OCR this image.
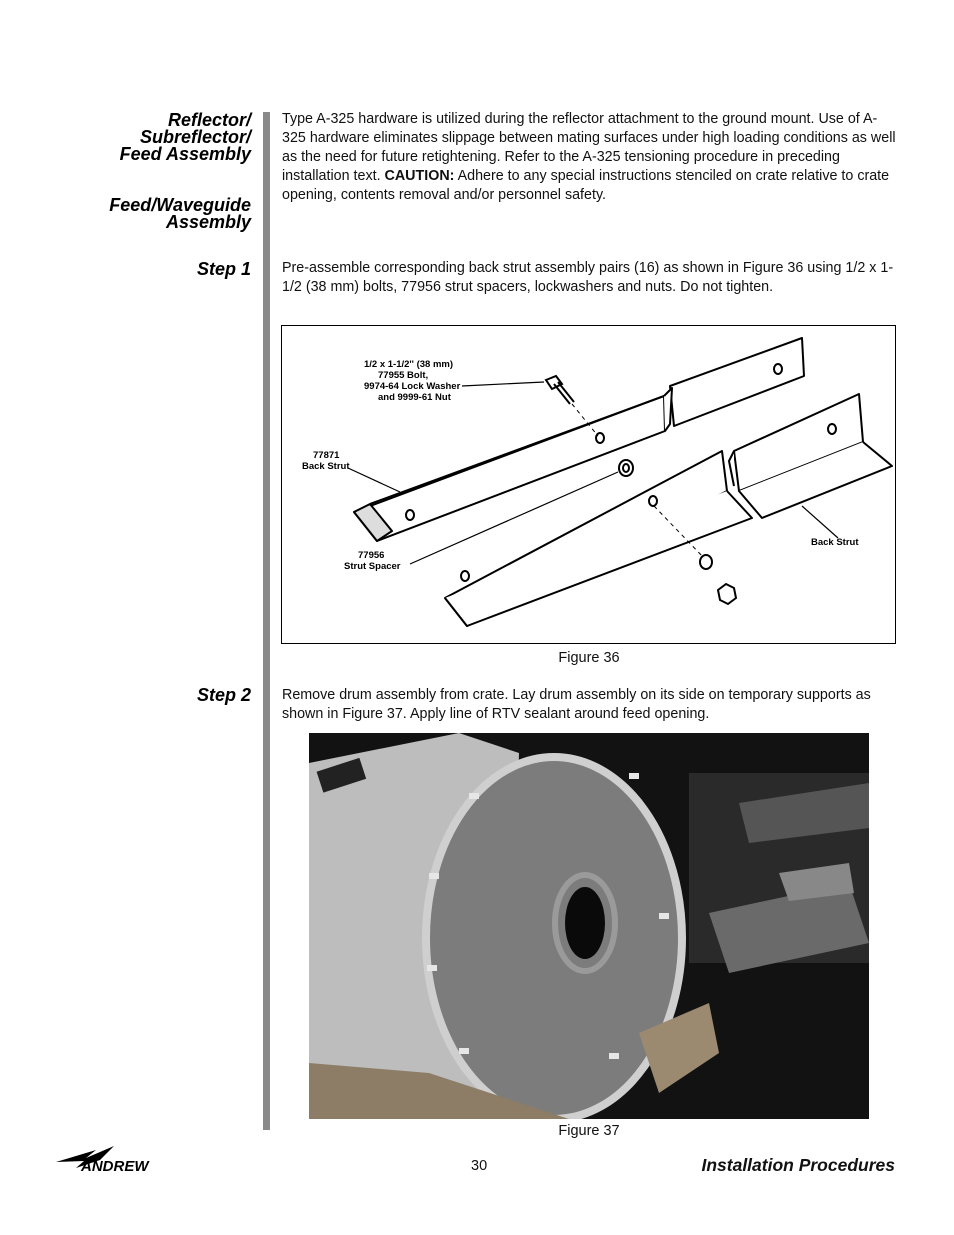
Reflector/
Subreflector/
Feed Assembly
Feed/Waveguide
Assembly
Step 1
Step 2
Type A-325 hardware is utilized during the reflector attachment to the ground mount. Use of A-325 hardware eliminates slippage between mating surfaces under high loading conditions as well as the need for future retightening. Refer to the A-325 tensioning procedure in preceding installation text. CAUTION: Adhere to any special instructions stenciled on crate relative to crate opening, contents removal and/or personnel safety.
Pre-assemble corresponding back strut assembly pairs (16) as shown in Figure 36 using 1/2 x 1-1/2 (38 mm) bolts, 77956 strut spacers, lockwashers and nuts. Do not tighten.
1/2 x 1-1/2'' (38 mm)
77955 Bolt,
9974-64 Lock Washer
and 9999-61 Nut
77871
Back Strut
77956
Strut Spacer
Back Strut
Figure 36
Remove drum assembly from crate. Lay drum assembly on its side on temporary supports as shown in Figure 37. Apply line of RTV sealant around feed opening.
Figure 37
ANDREW	30	Installation Procedures
